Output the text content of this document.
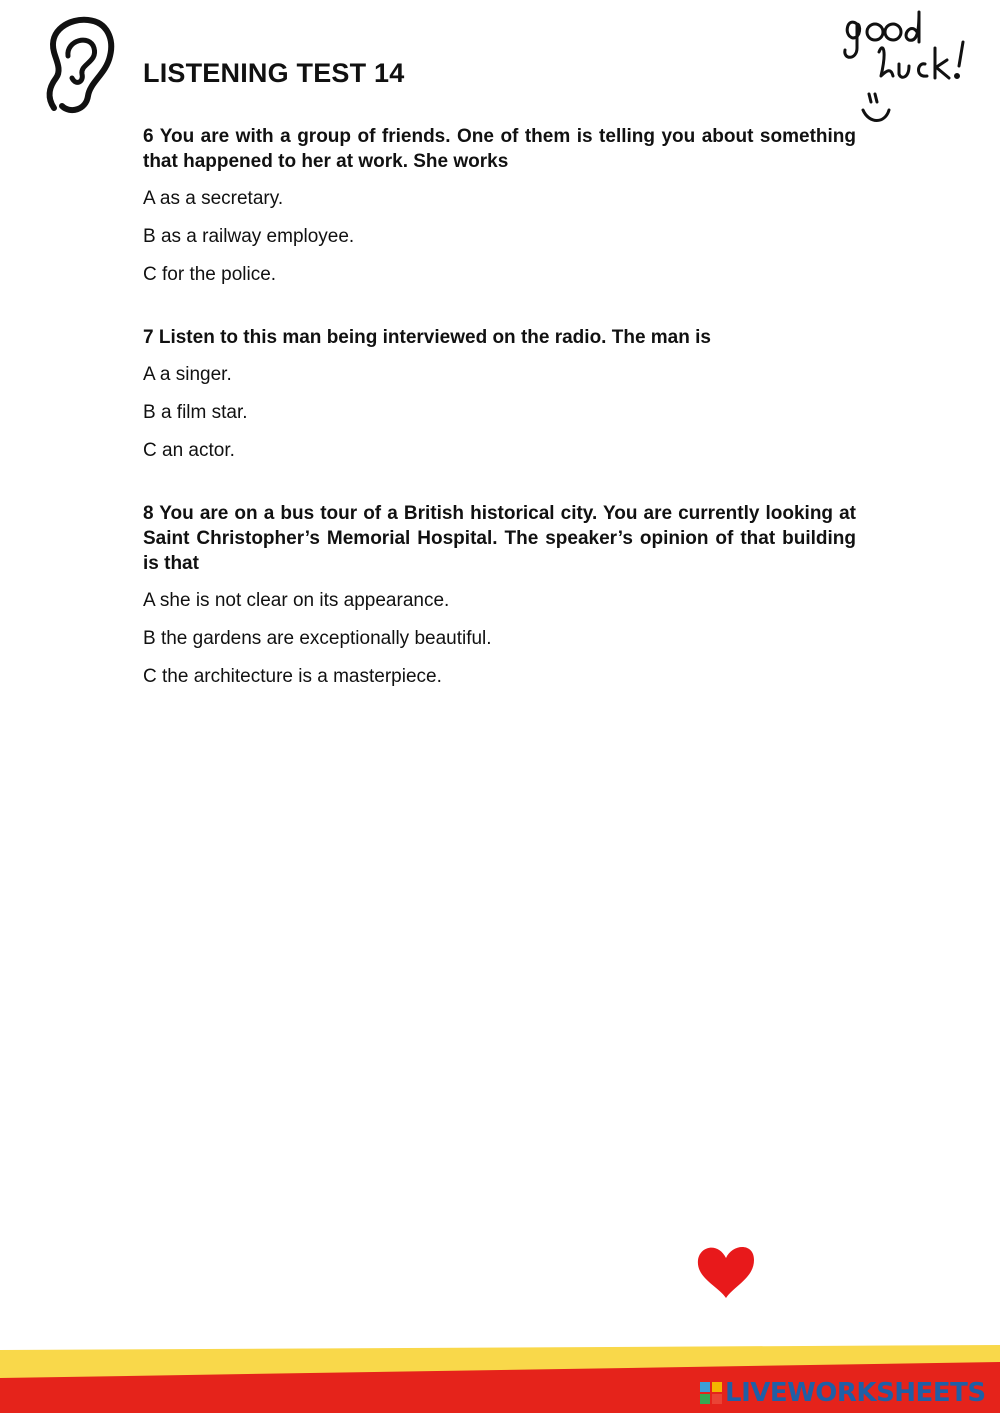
LISTENING TEST 14

6 You are with a group of friends. One of them is telling you about something that happened to her at work. She works

A as a secretary.

B as a railway employee.

C for the police.

7 Listen to this man being interviewed on the radio. The man is

A a singer.

B a film star.

C an actor.

8 You are on a bus tour of a British historical city. You are currently looking at Saint Christopher’s Memorial Hospital. The speaker’s opinion of that building is that

A she is not clear on its appearance.

B the gardens are exceptionally beautiful.

C the architecture is a masterpiece.

LIVEWORKSHEETS
